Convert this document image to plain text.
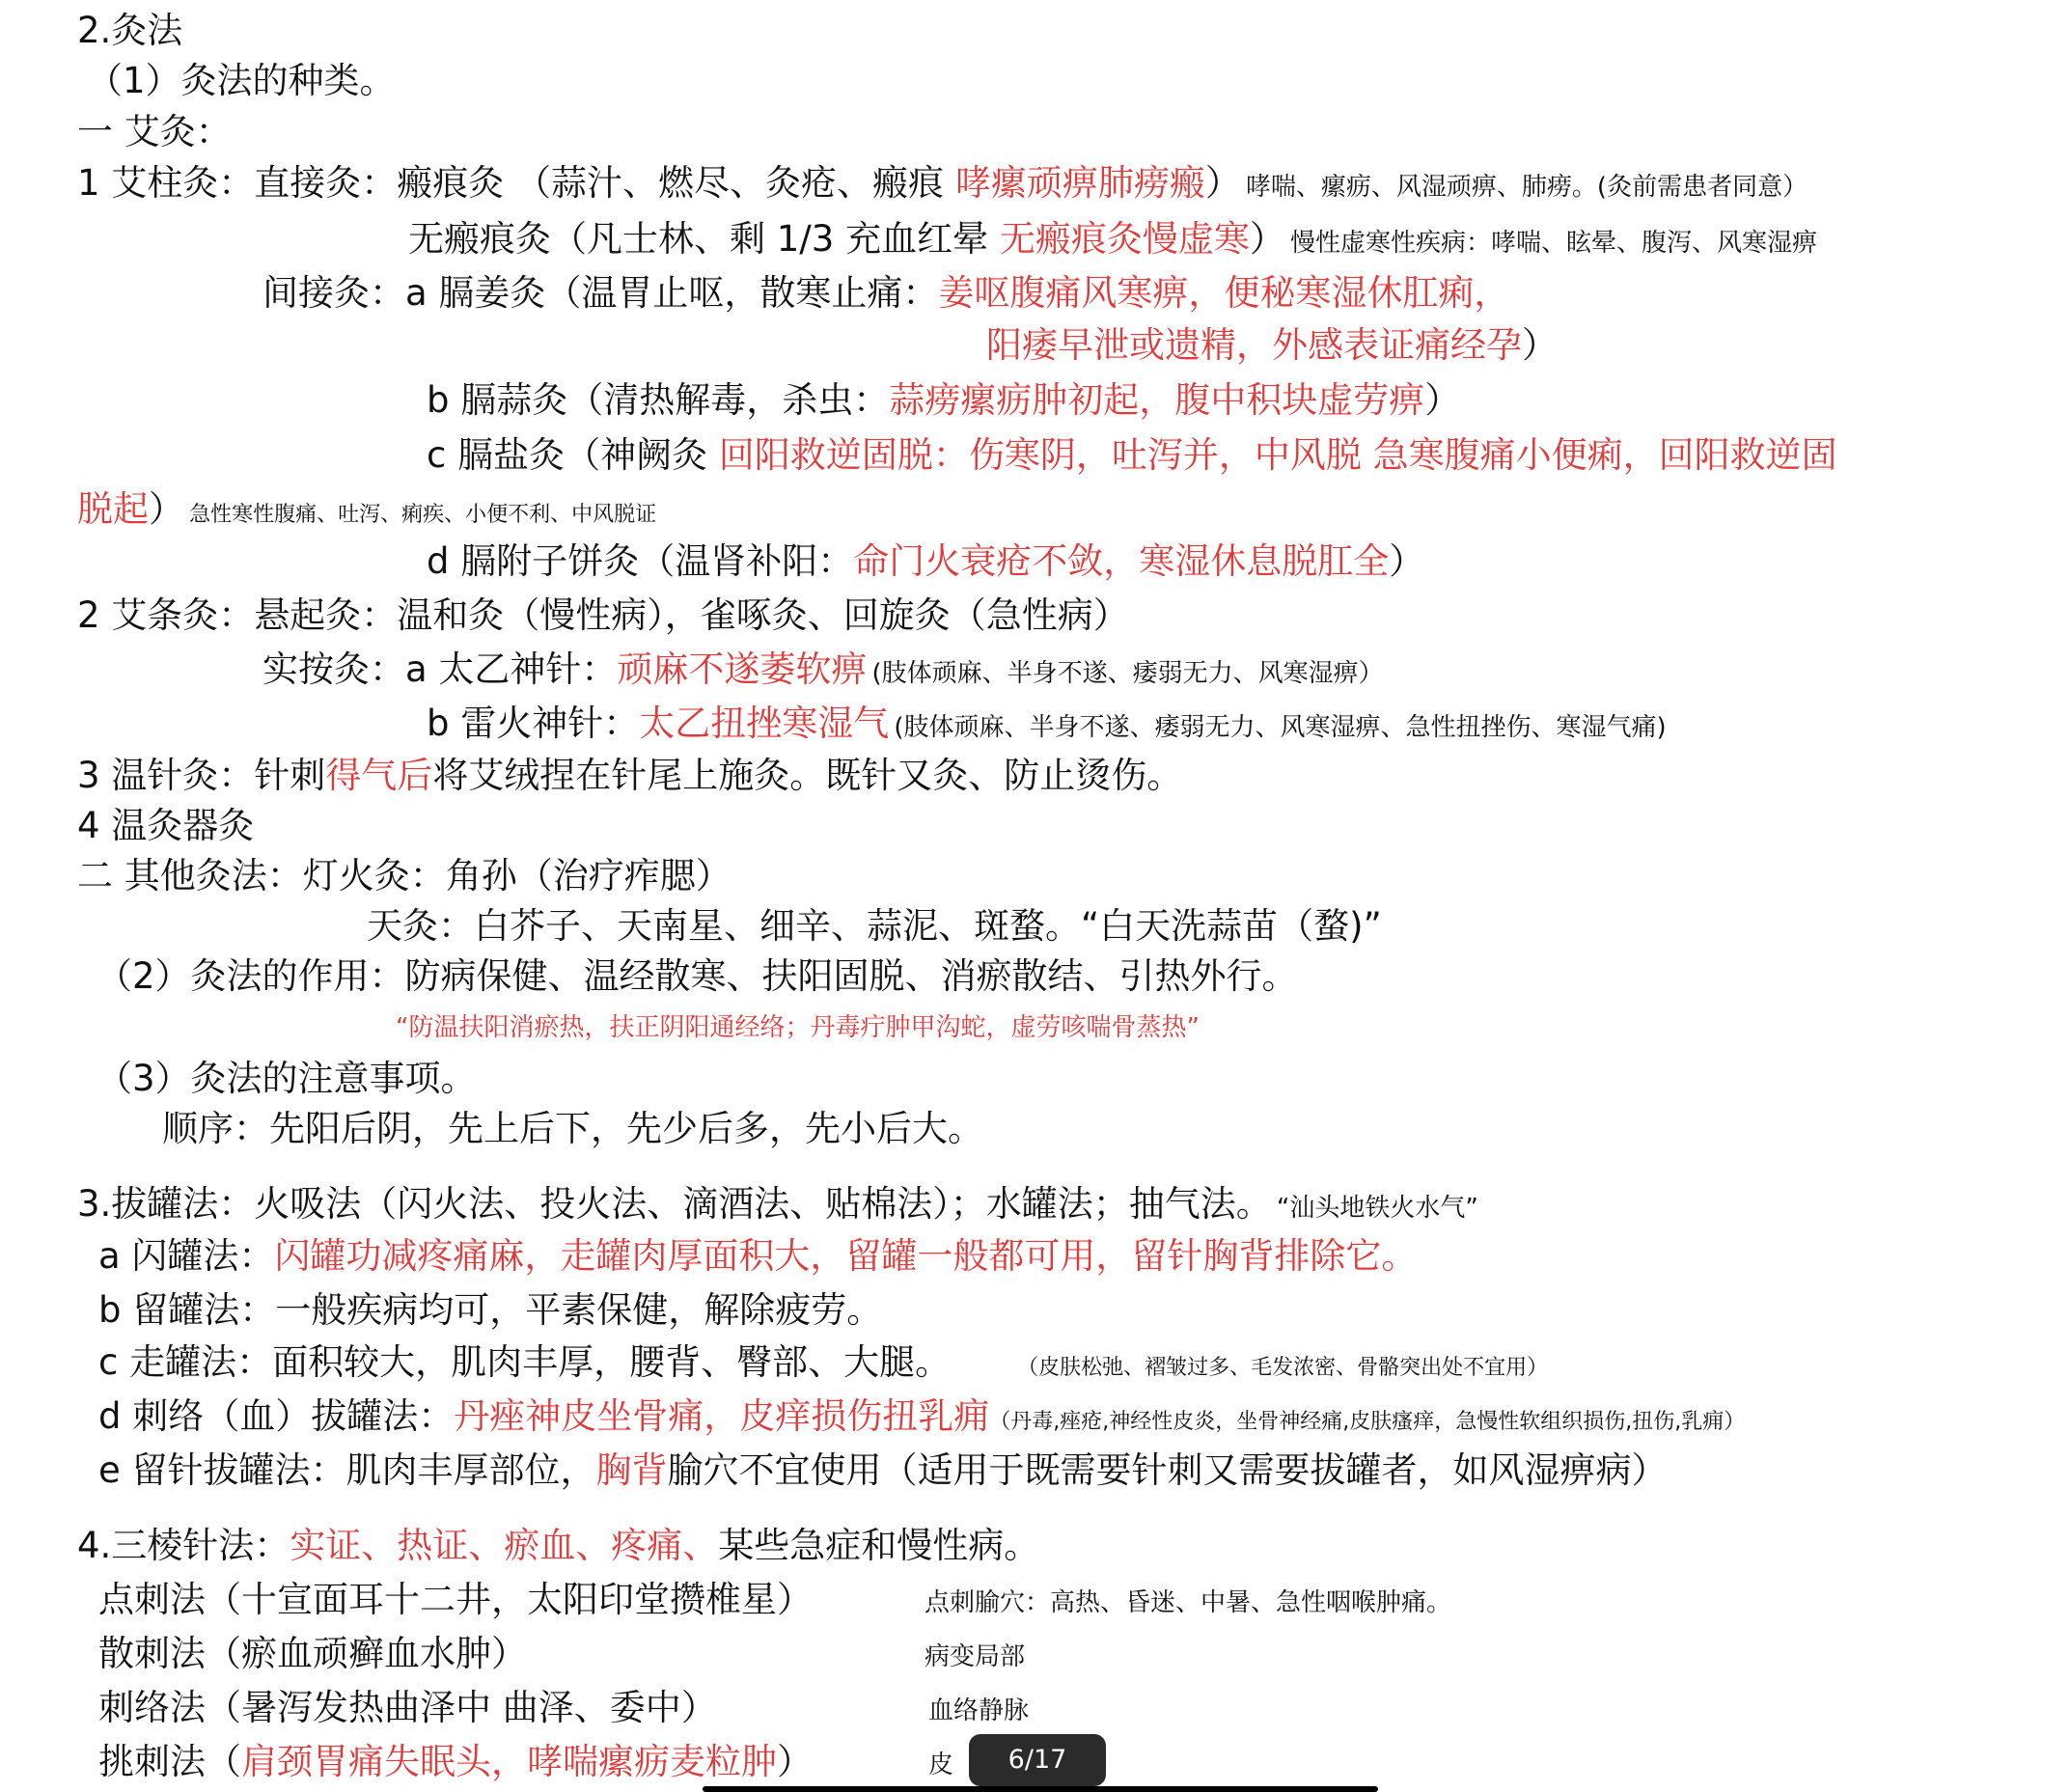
2.灸法
（1）灸法的种类。
一 艾灸：
1 艾柱灸：直接灸：瘢痕灸 （蒜汁、燃尽、灸疮、瘢痕 哮瘰顽痹肺痨瘢） 哮喘、瘰疬、风湿顽痹、肺痨。(灸前需患者同意）
无瘢痕灸（凡士林、剩 1/3 充血红晕 无瘢痕灸慢虚寒） 慢性虚寒性疾病：哮喘、眩晕、腹泻、风寒湿痹
间接灸：a 膈姜灸（温胃止呕，散寒止痛：姜呕腹痛风寒痹，便秘寒湿休肛痢，
阳痿早泄或遗精，外感表证痛经孕）
b 膈蒜灸（清热解毒，杀虫：蒜痨瘰疬肿初起，腹中积块虚劳痹）
c 膈盐灸（神阙灸 回阳救逆固脱：伤寒阴，吐泻并，中风脱 急寒腹痛小便痢，回阳救逆固
脱起） 急性寒性腹痛、吐泻、痢疾、小便不利、中风脱证
d 膈附子饼灸（温肾补阳：命门火衰疮不敛，寒湿休息脱肛全）
2 艾条灸：悬起灸：温和灸（慢性病），雀啄灸、回旋灸（急性病）
实按灸：a 太乙神针：顽麻不遂萎软痹 (肢体顽麻、半身不遂、痿弱无力、风寒湿痹）
b 雷火神针：太乙扭挫寒湿气 (肢体顽麻、半身不遂、痿弱无力、风寒湿痹、急性扭挫伤、寒湿气痛)
3 温针灸：针刺得气后将艾绒捏在针尾上施灸。既针又灸、防止烫伤。
4 温灸器灸
二 其他灸法：灯火灸：角孙（治疗痄腮）
天灸：白芥子、天南星、细辛、蒜泥、斑蝥。“白天洗蒜苗（蝥)”
（2）灸法的作用：防病保健、温经散寒、扶阳固脱、消瘀散结、引热外行。
“防温扶阳消瘀热，扶正阴阳通经络；丹毒疔肿甲沟蛇，虚劳咳喘骨蒸热”
（3）灸法的注意事项。
顺序：先阳后阴，先上后下，先少后多，先小后大。
3.拔罐法：火吸法（闪火法、投火法、滴酒法、贴棉法）；水罐法；抽气法。 “汕头地铁火水气”
a 闪罐法：闪罐功减疼痛麻，走罐肉厚面积大，留罐一般都可用，留针胸背排除它。
b 留罐法：一般疾病均可，平素保健，解除疲劳。
c 走罐法：面积较大，肌肉丰厚，腰背、臀部、大腿。	（皮肤松弛、褶皱过多、毛发浓密、骨骼突出处不宜用）
d 刺络（血）拔罐法：丹痤神皮坐骨痛，皮痒损伤扭乳痈（丹毒,痤疮,神经性皮炎，坐骨神经痛,皮肤瘙痒，急慢性软组织损伤,扭伤,乳痈）
e 留针拔罐法：肌肉丰厚部位，胸背腧穴不宜使用（适用于既需要针刺又需要拔罐者，如风湿痹病）
4.三棱针法：实证、热证、瘀血、疼痛、某些急症和慢性病。
点刺法（十宣面耳十二井，太阳印堂攒椎星）	点刺腧穴：高热、昏迷、中暑、急性咽喉肿痛。
散刺法（瘀血顽癣血水肿）	病变局部
刺络法（暑泻发热曲泽中 曲泽、委中）	血络静脉
挑刺法（肩颈胃痛失眠头，哮喘瘰疬麦粒肿）	皮	6/17
